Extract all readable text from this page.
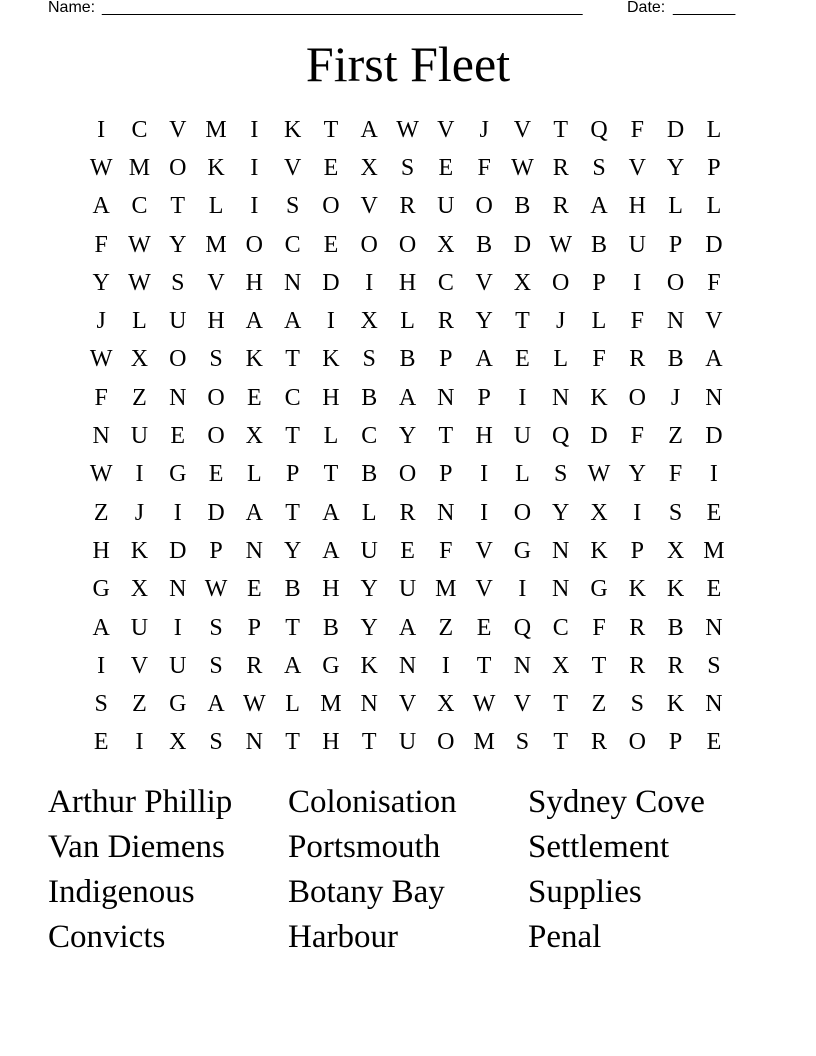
Name: ______________________________________________________	Date: _______
First Fleet
I	C V M I	K T A W V	J	V T Q F D L
W M O K	I	V E X S	E	F W R S V Y P
A C T L	I	S O V R U O B R A H L L
F W Y M O C E O O X B D W B U P D
Y W S V H N D	I	H C V X O P	I	O F
J	L U H A A	I	X L R Y T	J	L	F N V
W X O S K T K S B P A E L	F R B A
F	Z N O E C H B A N P	I	N K O	J	N
N U E O X T L C Y T H U Q D F	Z D
W I	G E L	P	T B O P	I	L	S W Y F	I
Z	J	I	D A T A L R N	I	O Y X	I	S	E
H K D P N Y A U E	F V G N K P X M
G X N W E B H Y U M V	I	N G K K E
A U	I	S	P	T B Y A Z E Q C F R B N
I	V U S R A G K N	I	T N X T R R S
S	Z G A W L M N V X W V T Z	S K N
E	I	X S N T H T U O M S	T R O P	E
Arthur Phillip	Colonisation	Sydney Cove
Van Diemens	Portsmouth	Settlement
Indigenous	Botany Bay	Supplies
Convicts	Harbour	Penal
